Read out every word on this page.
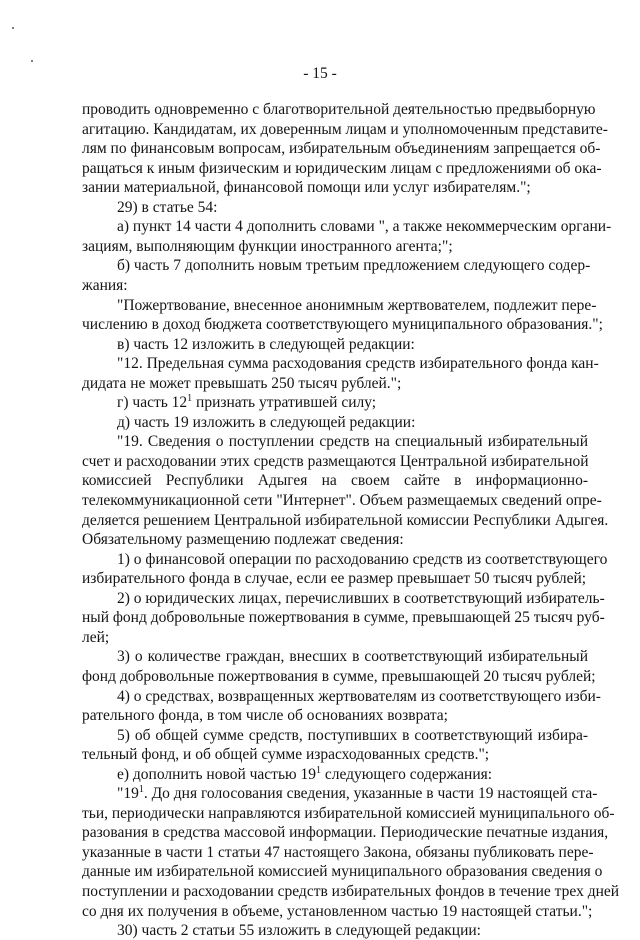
- 15 -
проводить одновременно с благотворительной деятельностью предвыборную
агитацию. Кандидатам, их доверенным лицам и уполномоченным представите-
лям по финансовым вопросам, избирательным объединениям запрещается об-
ращаться к иным физическим и юридическим лицам с предложениями об ока-
зании материальной, финансовой помощи или услуг избирателям.";
29) в статье 54:
а) пункт 14 части 4 дополнить словами ", а также некоммерческим органи-
зациям, выполняющим функции иностранного агента;";
б) часть 7 дополнить новым третьим предложением следующего содер-
жания:
"Пожертвование, внесенное анонимным жертвователем, подлежит пере-
числению в доход бюджета соответствующего муниципального образования.";
в) часть 12 изложить в следующей редакции:
"12. Предельная сумма расходования средств избирательного фонда кан-
дидата не может превышать 250 тысяч рублей.";
г) часть $12^1$ признать утратившей силу;
д) часть 19 изложить в следующей редакции:
"19. Сведения о поступлении средств на специальный избирательный
счет и расходовании этих средств размещаются Центральной избирательной
комиссией Республики Адыгея на своем сайте в информационно-
телекоммуникационной сети "Интернет". Объем размещаемых сведений опре-
деляется решением Центральной избирательной комиссии Республики Адыгея.
Обязательному размещению подлежат сведения:
1) о финансовой операции по расходованию средств из соответствующего
избирательного фонда в случае, если ее размер превышает 50 тысяч рублей;
2) о юридических лицах, перечисливших в соответствующий избиратель-
ный фонд добровольные пожертвования в сумме, превышающей 25 тысяч руб-
лей;
3) о количестве граждан, внесших в соответствующий избирательный
фонд добровольные пожертвования в сумме, превышающей 20 тысяч рублей;
4) о средствах, возвращенных жертвователям из соответствующего изби-
рательного фонда, в том числе об основаниях возврата;
5) об общей сумме средств, поступивших в соответствующий избира-
тельный фонд, и об общей сумме израсходованных средств.";
е) дополнить новой частью $19^1$ следующего содержания:
"$19^1$. До дня голосования сведения, указанные в части 19 настоящей ста-
тьи, периодически направляются избирательной комиссией муниципального об-
разования в средства массовой информации. Периодические печатные издания,
указанные в части 1 статьи 47 настоящего Закона, обязаны публиковать пере-
данные им избирательной комиссией муниципального образования сведения о
поступлении и расходовании средств избирательных фондов в течение трех дней
со дня их получения в объеме, установленном частью 19 настоящей статьи.";
30) часть 2 статьи 55 изложить в следующей редакции:
